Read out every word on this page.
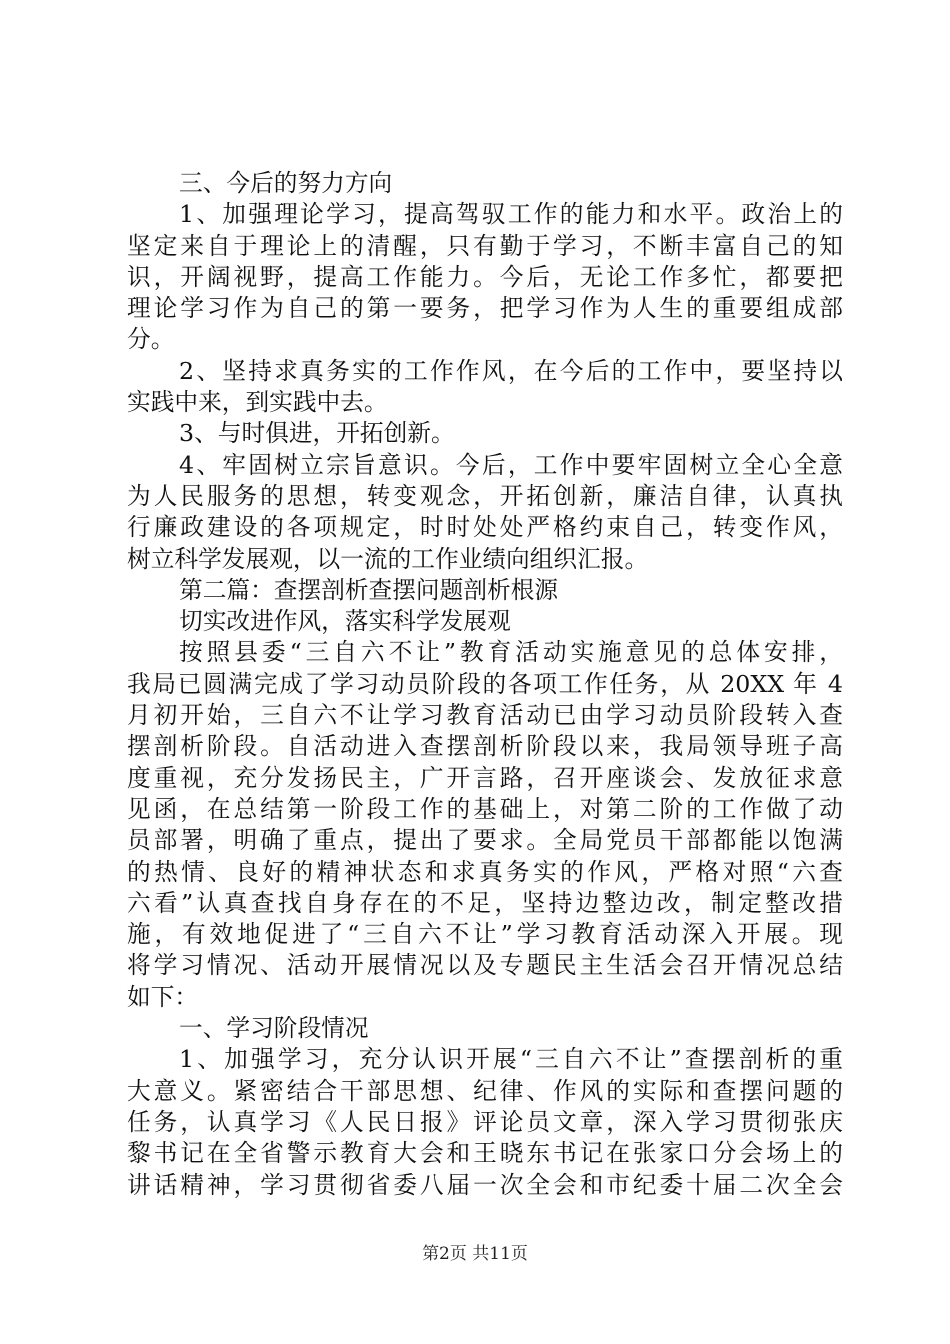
三、今后的努力方向
1、加强理论学习，提高驾驭工作的能力和水平。政治上的
坚定来自于理论上的清醒，只有勤于学习，不断丰富自己的知
识，开阔视野，提高工作能力。今后，无论工作多忙，都要把
理论学习作为自己的第一要务，把学习作为人生的重要组成部
分。
2、坚持求真务实的工作作风，在今后的工作中，要坚持以
实践中来，到实践中去。
3、与时俱进，开拓创新。
4、牢固树立宗旨意识。今后，工作中要牢固树立全心全意
为人民服务的思想，转变观念，开拓创新，廉洁自律，认真执
行廉政建设的各项规定，时时处处严格约束自己，转变作风，
树立科学发展观，以一流的工作业绩向组织汇报。
第二篇：查摆剖析查摆问题剖析根源
切实改进作风，落实科学发展观
按照县委“三自六不让”教育活动实施意见的总体安排，
我局已圆满完成了学习动员阶段的各项工作任务，从 20XX 年 4
月初开始，三自六不让学习教育活动已由学习动员阶段转入查
摆剖析阶段。自活动进入查摆剖析阶段以来，我局领导班子高
度重视，充分发扬民主，广开言路，召开座谈会、发放征求意
见函，在总结第一阶段工作的基础上，对第二阶的工作做了动
员部署，明确了重点，提出了要求。全局党员干部都能以饱满
的热情、良好的精神状态和求真务实的作风，严格对照“六查
六看”认真查找自身存在的不足，坚持边整边改，制定整改措
施，有效地促进了“三自六不让”学习教育活动深入开展。现
将学习情况、活动开展情况以及专题民主生活会召开情况总结
如下：
一、学习阶段情况
1、加强学习，充分认识开展“三自六不让”查摆剖析的重
大意义。紧密结合干部思想、纪律、作风的实际和查摆问题的
任务，认真学习《人民日报》评论员文章，深入学习贯彻张庆
黎书记在全省警示教育大会和王晓东书记在张家口分会场上的
讲话精神，学习贯彻省委八届一次全会和市纪委十届二次全会
第2页 共11页
